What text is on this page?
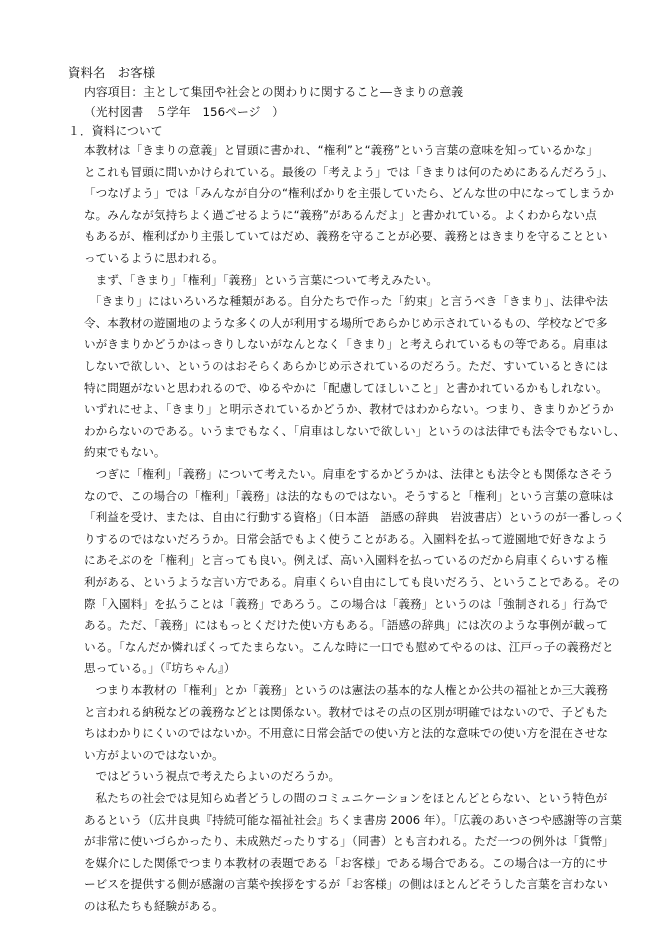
資料名　お客様

内容項目：主として集団や社会との関わりに関すること―きまりの意義

（光村図書　５学年　156ページ　）

１．資料について

本教材は「きまりの意義」と冒頭に書かれ、“権利”と“義務”という言葉の意味を知っているかな」

とこれも冒頭に問いかけられている。最後の「考えよう」では「きまりは何のためにあるんだろう」、

「つなげよう」では「みんなが自分の“権利ばかりを主張していたら、どんな世の中になってしまうか

な。みんなが気持ちよく過ごせるように“義務”があるんだよ」と書かれている。よくわからない点

もあるが、権利ばかり主張していてはだめ、義務を守ることが必要、義務とはきまりを守ることとい

っているように思われる。

　まず、「きまり」「権利」「義務」という言葉について考えみたい。

　「きまり」にはいろいろな種類がある。自分たちで作った「約束」と言うべき「きまり」、法律や法

令、本教材の遊園地のような多くの人が利用する場所であらかじめ示されているもの、学校などで多

いがきまりかどうかはっきりしないがなんとなく「きまり」と考えられているもの等である。肩車は

しないで欲しい、というのはおそらくあらかじめ示されているのだろう。ただ、すいているときには

特に問題がないと思われるので、ゆるやかに「配慮してほしいこと」と書かれているかもしれない。

いずれにせよ、「きまり」と明示されているかどうか、教材ではわからない。つまり、きまりかどうか

わからないのである。いうまでもなく、「肩車はしないで欲しい」というのは法律でも法令でもないし、

約束でもない。

　つぎに「権利」「義務」について考えたい。肩車をするかどうかは、法律とも法令とも関係なさそう

なので、この場合の「権利」「義務」は法的なものではない。そうすると「権利」という言葉の意味は

「利益を受け、または、自由に行動する資格」（日本語　語感の辞典　岩波書店）というのが一番しっく

りするのではないだろうか。日常会話でもよく使うことがある。入園料を払って遊園地で好きなよう

にあそぶのを「権利」と言っても良い。例えば、高い入園料を払っているのだから肩車くらいする権

利がある、というような言い方である。肩車くらい自由にしても良いだろう、ということである。その

際「入園料」を払うことは「義務」であろう。この場合は「義務」というのは「強制される」行為で

ある。ただ、「義務」にはもっとくだけた使い方もある。「語感の辞典」には次のような事例が載って

いる。「なんだか憐れぽくってたまらない。こんな時に一口でも慰めてやるのは、江戸っ子の義務だと

思っている。」（『坊ちゃん』）

　つまり本教材の「権利」とか「義務」というのは憲法の基本的な人権とか公共の福祉とか三大義務

と言われる納税などの義務などとは関係ない。教材ではその点の区別が明確ではないので、子どもた

ちはわかりにくいのではないか。不用意に日常会話での使い方と法的な意味での使い方を混在させな

い方がよいのではないか。

　ではどういう視点で考えたらよいのだろうか。

　私たちの社会では見知らぬ者どうしの間のコミュニケーションをほとんどとらない、という特色が

あるという（広井良典『持続可能な福祉社会』ちくま書房 2006 年）。「広義のあいさつや感謝等の言葉

が非常に使いづらかったり、未成熟だったりする」（同書）とも言われる。ただ一つの例外は「貨幣」

を媒介にした関係でつまり本教材の表題である「お客様」である場合である。この場合は一方的にサ

ービスを提供する側が感謝の言葉や挨拶をするが「お客様」の側はほとんどそうした言葉を言わない

のは私たちも経験がある。
